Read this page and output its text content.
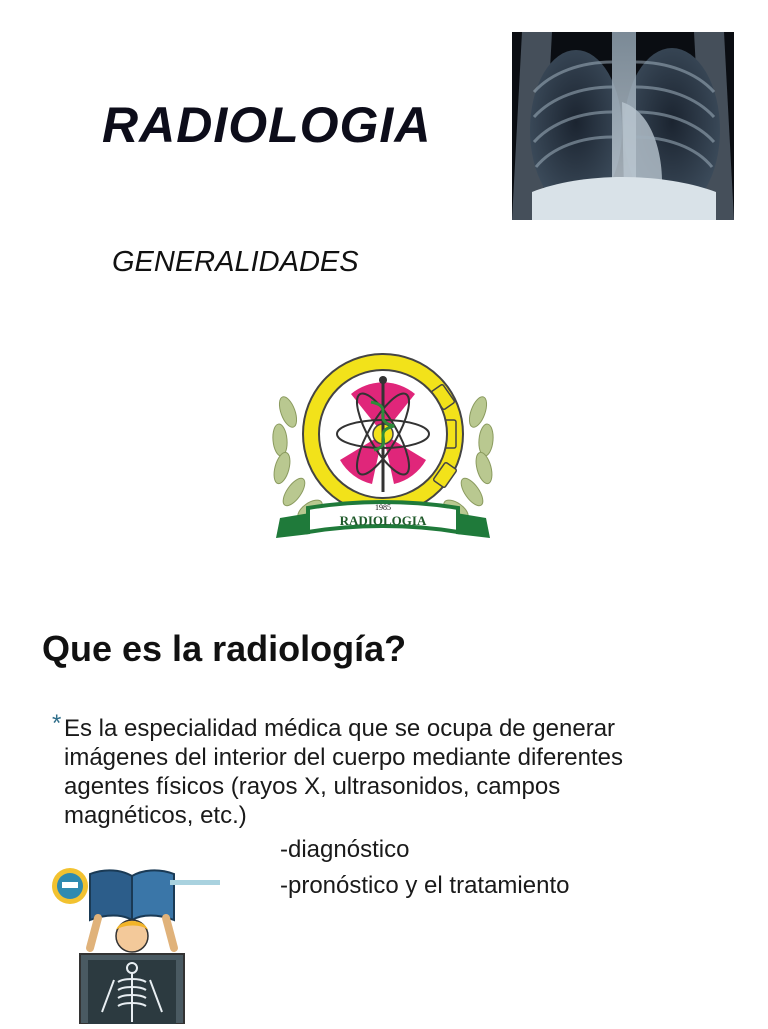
RADIOLOGIA

GENERALIDADES

1985
RADIOLOGIA
Que es la radiología?
* Es la especialidad médica que se ocupa de generar
imágenes del interior del cuerpo mediante diferentes
agentes físicos (rayos X, ultrasonidos, campos
magnéticos, etc.)

-diagnóstico
-pronóstico y el tratamiento
